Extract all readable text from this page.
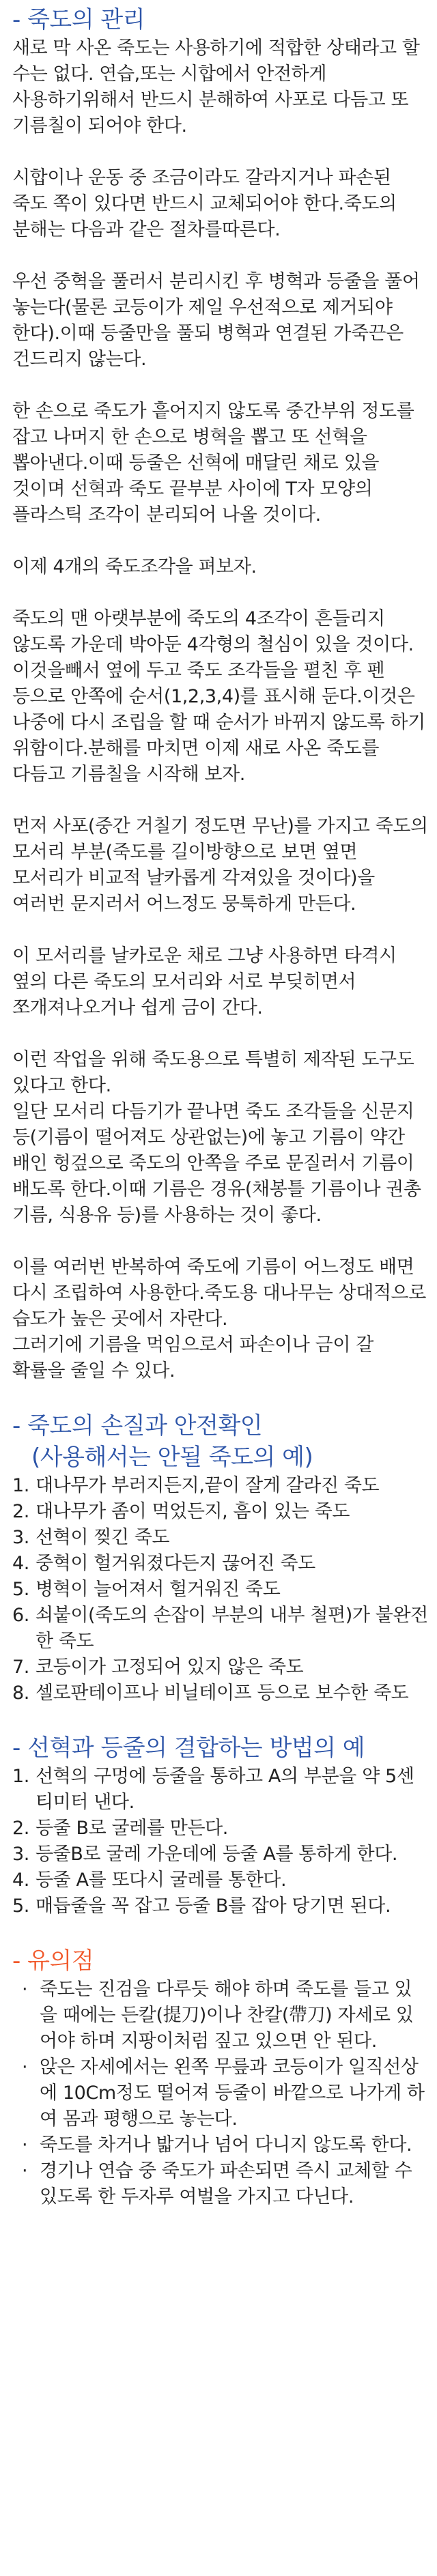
- 죽도의 관리

새로 막 사온 죽도는 사용하기에 적합한 상태라고 할 수는 없다. 연습,또는 시합에서 안전하게 사용하기위해서 반드시 분해하여 사포로 다듬고 또 기름칠이 되어야 한다.

시합이나 운동 중 조금이라도 갈라지거나 파손된 죽도 쪽이 있다면 반드시 교체되어야 한다.죽도의 분해는 다음과 같은 절차를따른다.

우선 중혁을 풀러서 분리시킨 후 병혁과 등줄을 풀어 놓는다(물론 코등이가 제일 우선적으로 제거되야 한다).이때 등줄만을 풀되 병혁과 연결된 가죽끈은 건드리지 않는다.

한 손으로 죽도가 흩어지지 않도록 중간부위 정도를 잡고 나머지 한 손으로 병혁을 뽑고 또 선혁을 뽑아낸다.이때 등줄은 선혁에 매달린 채로 있을 것이며 선혁과 죽도 끝부분 사이에 T자 모양의 플라스틱 조각이 분리되어 나올 것이다.

이제 4개의 죽도조각을 펴보자.

죽도의 맨 아랫부분에 죽도의 4조각이 흔들리지 않도록 가운데 박아둔 4각형의 철심이 있을 것이다.

이것을빼서 옆에 두고 죽도 조각들을 펼친 후 펜 등으로 안쪽에 순서(1,2,3,4)를 표시해 둔다.이것은 나중에 다시 조립을 할 때 순서가 바뀌지 않도록 하기 위함이다.분해를 마치면 이제 새로 사온 죽도를 다듬고 기름칠을 시작해 보자.

먼저 사포(중간 거칠기 정도면 무난)를 가지고 죽도의 모서리 부분(죽도를 길이방향으로 보면 옆면 모서리가 비교적 날카롭게 각져있을 것이다)을 여러번 문지러서 어느정도 뭉툭하게 만든다.

이 모서리를 날카로운 채로 그냥 사용하면 타격시 옆의 다른 죽도의 모서리와 서로 부딪히면서 쪼개져나오거나 쉽게 금이 간다.

이런 작업을 위해 죽도용으로 특별히 제작된 도구도 있다고 한다.

일단 모서리 다듬기가 끝나면 죽도 조각들을 신문지 등(기름이 떨어져도 상관없는)에 놓고 기름이 약간 배인 헝겊으로 죽도의 안쪽을 주로 문질러서 기름이 배도록 한다.이때 기름은 경유(채봉틀 기름이나 권총 기름, 식용유 등)를 사용하는 것이 좋다.

이를 여러번 반복하여 죽도에 기름이 어느정도 배면 다시 조립하여 사용한다.죽도용 대나무는 상대적으로 습도가 높은 곳에서 자란다.

그러기에 기름을 먹임으로서 파손이나 금이 갈 확률을 줄일 수 있다.

- 죽도의 손질과 안전확인
(사용해서는 안될 죽도의 예)
1. 대나무가 부러지든지,끝이 잘게 갈라진 죽도
2. 대나무가 좀이 먹었든지, 흠이 있는 죽도
3. 선혁이 찢긴 죽도
4. 중혁이 헐거워졌다든지 끊어진 죽도
5. 병혁이 늘어져서 헐거워진 죽도
6. 쇠붙이(죽도의 손잡이 부분의 내부 철편)가 불완전한 죽도
7. 코등이가 고정되어 있지 않은 죽도
8. 셀로판테이프나 비닐테이프 등으로 보수한 죽도
- 선혁과 등줄의 결합하는 방법의 예
1. 선혁의 구멍에 등줄을 통하고 A의 부분을 약 5센티미터 낸다.
2. 등줄 B로 굴레를 만든다.
3. 등줄B로 굴레 가운데에 등줄 A를 통하게 한다.
4. 등줄 A를 또다시 굴레를 통한다.
5. 매듭줄을 꼭 잡고 등줄 B를 잡아 당기면 된다.
- 유의점
· 죽도는 진검을 다루듯 해야 하며 죽도를 들고 있을 때에는 든칼(提刀)이나 찬칼(帶刀) 자세로 있어야 하며 지팡이처럼 짚고 있으면 안 된다.
· 앉은 자세에서는 왼쪽 무릎과 코등이가 일직선상에 10Cm정도 떨어져 등줄이 바깥으로 나가게 하여 몸과 평행으로 놓는다.
· 죽도를 차거나 밟거나 넘어 다니지 않도록 한다.
· 경기나 연습 중 죽도가 파손되면 즉시 교체할 수 있도록 한 두자루 여벌을 가지고 다닌다.
